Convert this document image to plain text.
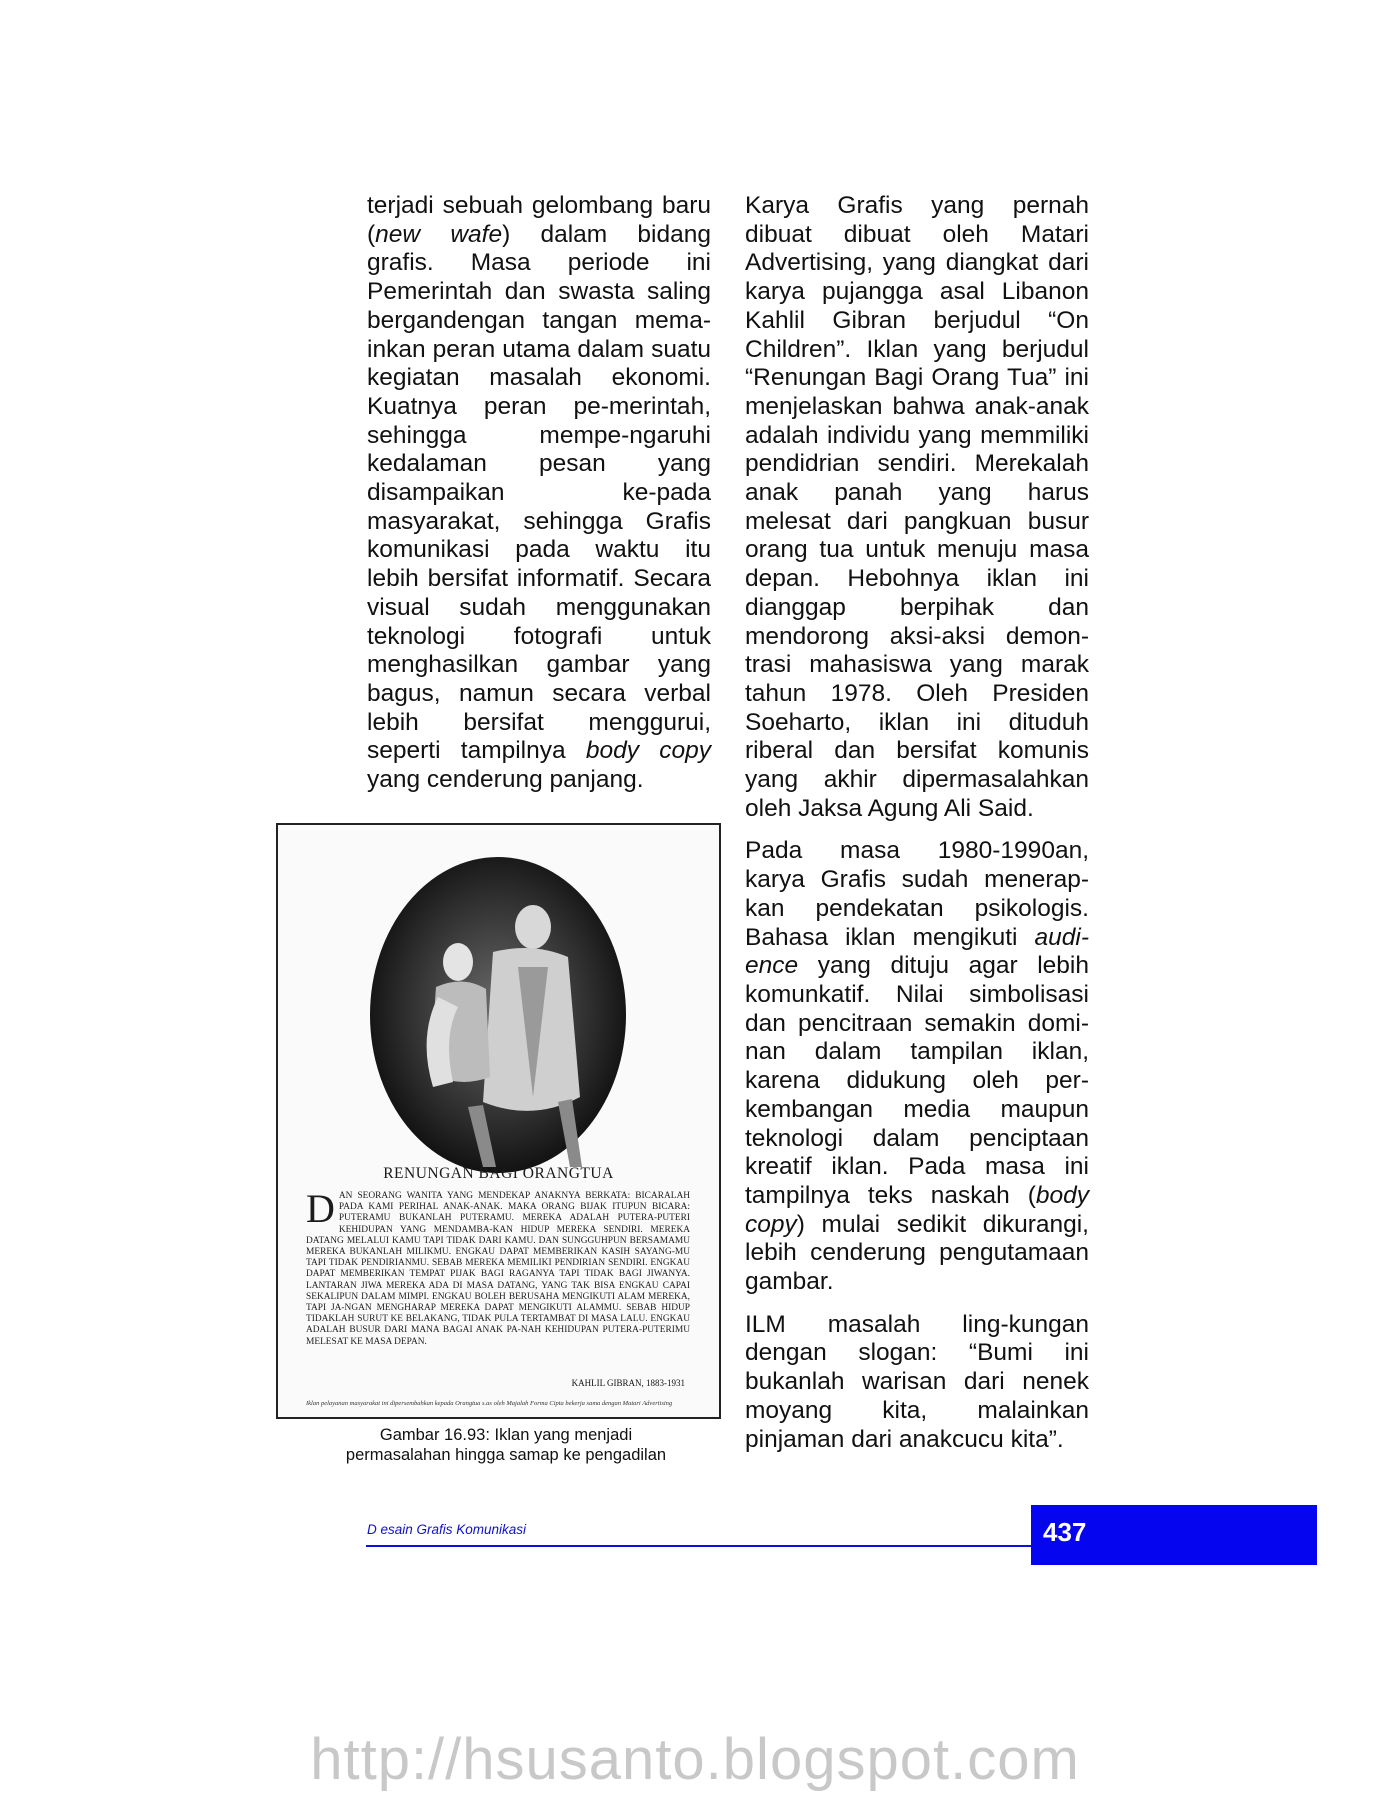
terjadi sebuah gelombang baru (new wafe) dalam bidang grafis. Masa periode ini Pemerintah dan swasta saling bergandengan tangan mema-inkan peran utama dalam suatu kegiatan masalah ekonomi. Kuatnya peran pe-merintah, sehingga mempe-ngaruhi kedalaman pesan yang disampaikan ke-pada masyarakat, sehingga Grafis komunikasi pada waktu itu lebih bersifat informatif. Secara visual sudah menggunakan teknologi fotografi untuk menghasilkan gambar yang bagus, namun secara verbal lebih bersifat menggurui, seperti tampilnya body copy yang cenderung panjang.

Karya Grafis yang pernah dibuat dibuat oleh Matari Advertising, yang diangkat dari karya pujangga asal Libanon Kahlil Gibran berjudul “On Children”. Iklan yang berjudul “Renungan Bagi Orang Tua” ini menjelaskan bahwa anak-anak adalah individu yang memmiliki pendidrian sendiri. Merekalah anak panah yang harus melesat dari pangkuan busur orang tua untuk menuju masa depan. Hebohnya iklan ini dianggap berpihak dan mendorong aksi-aksi demon-trasi mahasiswa yang marak tahun 1978. Oleh Presiden Soeharto, iklan ini dituduh riberal dan bersifat komunis yang akhir dipermasalahkan oleh Jaksa Agung Ali Said.

Pada masa 1980-1990an, karya Grafis sudah menerap-kan pendekatan psikologis. Bahasa iklan mengikuti audi-ence yang dituju agar lebih komunkatif. Nilai simbolisasi dan pencitraan semakin domi-nan dalam tampilan iklan, karena didukung oleh per-kembangan media maupun teknologi dalam penciptaan kreatif iklan. Pada masa ini tampilnya teks naskah (body copy) mulai sedikit dikurangi, lebih cenderung pengutamaan gambar.

ILM masalah ling-kungan dengan slogan: “Bumi ini bukanlah warisan dari nenek moyang kita, malainkan pinjaman dari anakcucu kita”.

RENUNGAN BAGI ORANGTUA
DAN SEORANG WANITA YANG MENDEKAP ANAKNYA BERKATA: BICARALAH PADA KAMI PERIHAL ANAK-ANAK. MAKA ORANG BIJAK ITUPUN BICARA: PUTERAMU BUKANLAH PUTERAMU. MEREKA ADALAH PUTERA-PUTERI KEHIDUPAN YANG MENDAMBA-KAN HIDUP MEREKA SENDIRI. MEREKA DATANG MELALUI KAMU TAPI TIDAK DARI KAMU. DAN SUNGGUHPUN BERSAMAMU MEREKA BUKANLAH MILIKMU. ENGKAU DAPAT MEMBERIKAN KASIH SAYANG-MU TAPI TIDAK PENDIRIANMU. SEBAB MEREKA MEMILIKI PENDIRIAN SENDIRI. ENGKAU DAPAT MEMBERIKAN TEMPAT PIJAK BAGI RAGANYA TAPI TIDAK BAGI JIWANYA. LANTARAN JIWA MEREKA ADA DI MASA DATANG, YANG TAK BISA ENGKAU CAPAI SEKALIPUN DALAM MIMPI. ENGKAU BOLEH BERUSAHA MENGIKUTI ALAM MEREKA, TAPI JA-NGAN MENGHARAP MEREKA DAPAT MENGIKUTI ALAMMU. SEBAB HIDUP TIDAKLAH SURUT KE BELAKANG, TIDAK PULA TERTAMBAT DI MASA LALU. ENGKAU ADALAH BUSUR DARI MANA BAGAI ANAK PA-NAH KEHIDUPAN PUTERA-PUTERIMU MELESAT KE MASA DEPAN.
KAHLIL GIBRAN, 1883-1931
Iklan pelayanan masyarakat ini dipersembahkan kepada Orangtua s.as oleh Majalah Forma Cipta bekerja sama dengan Matari Advertising
Gambar 16.93: Iklan yang menjadi
permasalahan hingga samap ke pengadilan
D esain Grafis Komunikasi	437
http://hsusanto.blogspot.com
